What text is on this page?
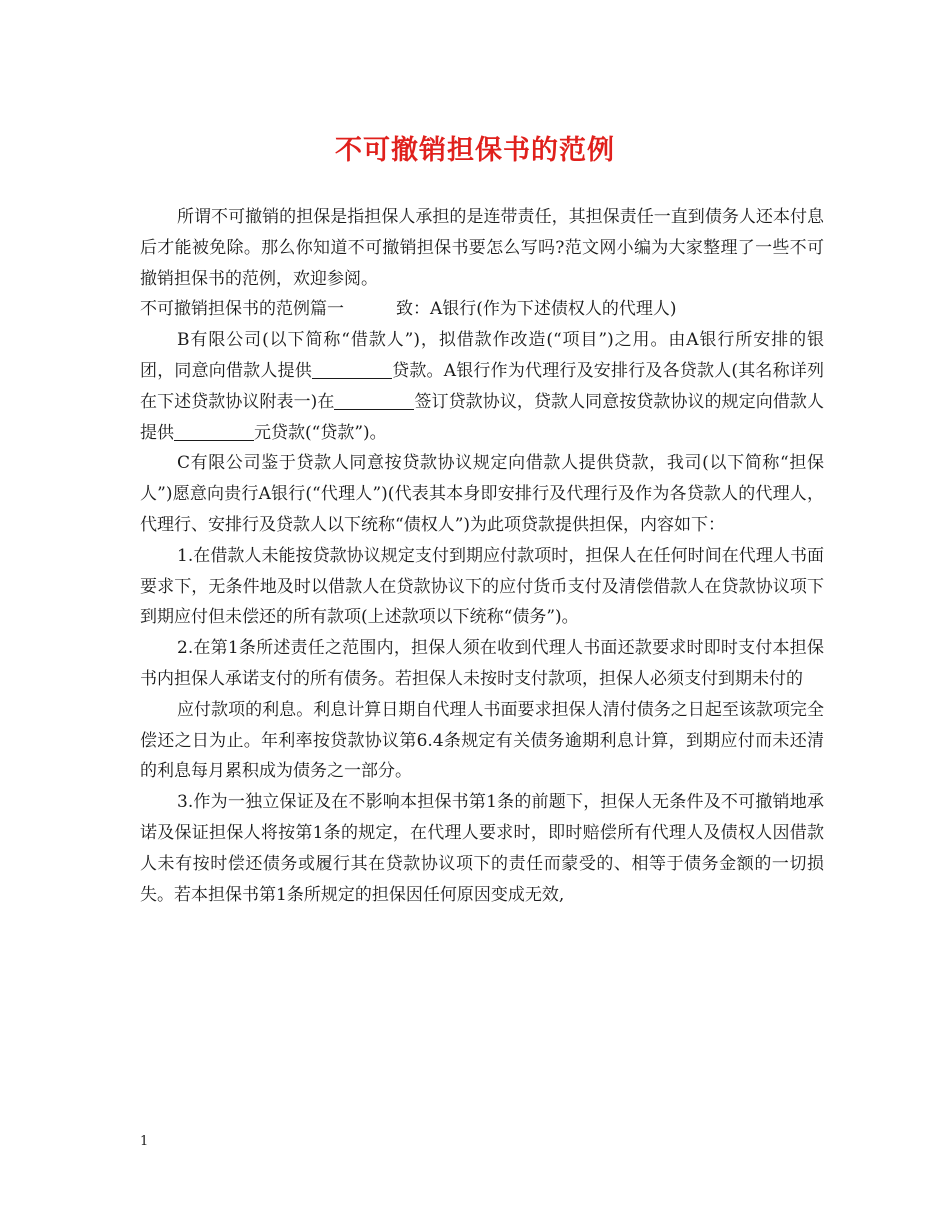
不可撤销担保书的范例

所谓不可撤销的担保是指担保人承担的是连带责任，其担保责任一直到债务人还本付息后才能被免除。那么你知道不可撤销担保书要怎么写吗?范文网小编为大家整理了一些不可撤销担保书的范例，欢迎参阅。

不可撤销担保书的范例篇一	致：A银行(作为下述债权人的代理人)

B有限公司(以下简称“借款人”)，拟借款作改造(“项目”)之用。由A银行所安排的银团，同意向借款人提供	贷款。A银行作为代理行及安排行及各贷款人(其名称详列在下述贷款协议附表一)在	签订贷款协议，贷款人同意按贷款协议的规定向借款人提供	元贷款(“贷款”)。

C有限公司鉴于贷款人同意按贷款协议规定向借款人提供贷款，我司(以下简称“担保人”)愿意向贵行A银行(“代理人”)(代表其本身即安排行及代理行及作为各贷款人的代理人，代理行、安排行及贷款人以下统称“债权人”)为此项贷款提供担保，内容如下：

1.在借款人未能按贷款协议规定支付到期应付款项时，担保人在任何时间在代理人书面要求下，无条件地及时以借款人在贷款协议下的应付货币支付及清偿借款人在贷款协议项下到期应付但未偿还的所有款项(上述款项以下统称“债务”)。

2.在第1条所述责任之范围内，担保人须在收到代理人书面还款要求时即时支付本担保书内担保人承诺支付的所有债务。若担保人未按时支付款项，担保人必须支付到期未付的

应付款项的利息。利息计算日期自代理人书面要求担保人清付债务之日起至该款项完全偿还之日为止。年利率按贷款协议第6.4条规定有关债务逾期利息计算，到期应付而未还清的利息每月累积成为债务之一部分。

3.作为一独立保证及在不影响本担保书第1条的前题下，担保人无条件及不可撤销地承诺及保证担保人将按第1条的规定，在代理人要求时，即时赔偿所有代理人及债权人因借款人未有按时偿还债务或履行其在贷款协议项下的责任而蒙受的、相等于债务金额的一切损失。若本担保书第1条所规定的担保因任何原因变成无效,

1
